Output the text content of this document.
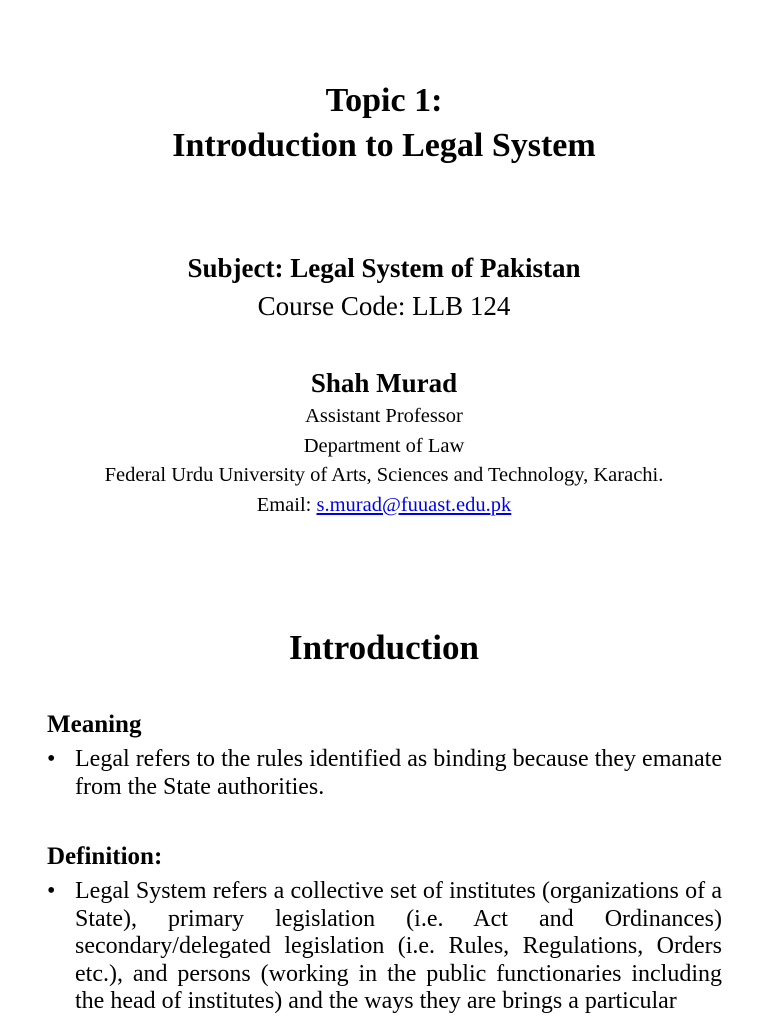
Topic 1:
Introduction to Legal System
Subject: Legal System of Pakistan
Course Code: LLB 124
Shah Murad
Assistant Professor
Department of Law
Federal Urdu University of Arts, Sciences and Technology, Karachi.
Email: s.murad@fuuast.edu.pk
Introduction
Meaning
• Legal refers to the rules identified as binding because they emanate from the State authorities.
Definition:
• Legal System refers a collective set of institutes (organizations of a State), primary legislation (i.e. Act and Ordinances) secondary/delegated legislation (i.e. Rules, Regulations, Orders etc.), and persons (working in the public functionaries including the head of institutes) and the ways they are brings a particular
